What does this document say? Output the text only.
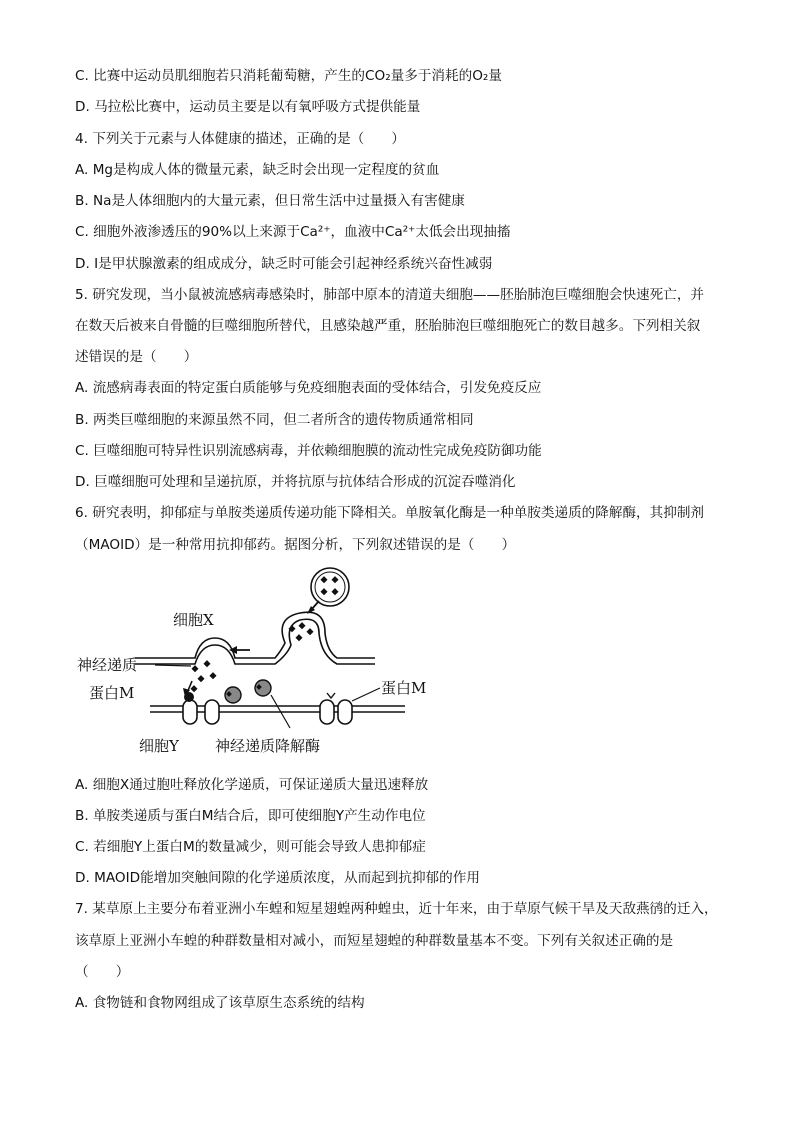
C. 比赛中运动员肌细胞若只消耗葡萄糖，产生的CO₂量多于消耗的O₂量
D. 马拉松比赛中，运动员主要是以有氧呼吸方式提供能量
4. 下列关于元素与人体健康的描述，正确的是（　　）
A. Mg是构成人体的微量元素，缺乏时会出现一定程度的贫血
B. Na是人体细胞内的大量元素，但日常生活中过量摄入有害健康
C. 细胞外液渗透压的90%以上来源于Ca²⁺，血液中Ca²⁺太低会出现抽搐
D. I是甲状腺激素的组成成分，缺乏时可能会引起神经系统兴奋性减弱
5. 研究发现，当小鼠被流感病毒感染时，肺部中原本的清道夫细胞——胚胎肺泡巨噬细胞会快速死亡，并
在数天后被来自骨髓的巨噬细胞所替代，且感染越严重，胚胎肺泡巨噬细胞死亡的数目越多。下列相关叙
述错误的是（　　）
A. 流感病毒表面的特定蛋白质能够与免疫细胞表面的受体结合，引发免疫反应
B. 两类巨噬细胞的来源虽然不同，但二者所含的遗传物质通常相同
C. 巨噬细胞可特异性识别流感病毒，并依赖细胞膜的流动性完成免疫防御功能
D. 巨噬细胞可处理和呈递抗原，并将抗原与抗体结合形成的沉淀吞噬消化
6. 研究表明，抑郁症与单胺类递质传递功能下降相关。单胺氧化酶是一种单胺类递质的降解酶，其抑制剂
（MAOID）是一种常用抗抑郁药。据图分析，下列叙述错误的是（　　）
细胞X
神经递质
蛋白M	蛋白M
细胞Y 神经递质降解酶
A. 细胞X通过胞吐释放化学递质，可保证递质大量迅速释放
B. 单胺类递质与蛋白M结合后，即可使细胞Y产生动作电位
C. 若细胞Y上蛋白M的数量减少，则可能会导致人患抑郁症
D. MAOID能增加突触间隙的化学递质浓度，从而起到抗抑郁的作用
7. 某草原上主要分布着亚洲小车蝗和短星翅蝗两种蝗虫，近十年来，由于草原气候干旱及天敌燕鸻的迁入，
该草原上亚洲小车蝗的种群数量相对减小，而短星翅蝗的种群数量基本不变。下列有关叙述正确的是
（　　）
A. 食物链和食物网组成了该草原生态系统的结构
